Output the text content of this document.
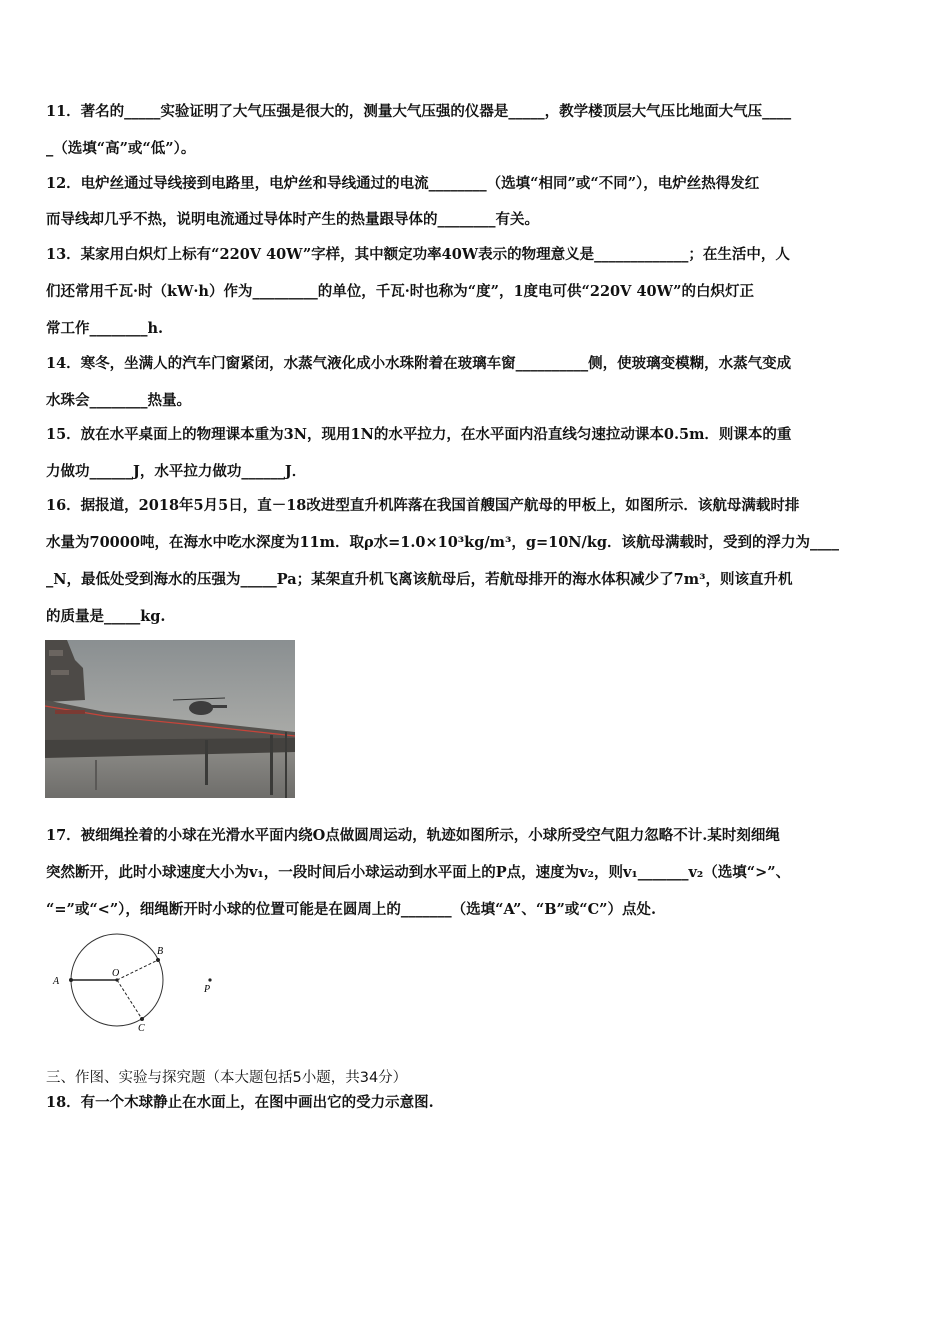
11．著名的_____实验证明了大气压强是很大的，测量大气压强的仪器是_____，教学楼顶层大气压比地面大气压____
_（选填“高”或“低”）。
12．电炉丝通过导线接到电路里，电炉丝和导线通过的电流________（选填“相同”或“不同”），电炉丝热得发红
而导线却几乎不热，说明电流通过导体时产生的热量跟导体的________有关。
13．某家用白炽灯上标有“220V 40W”字样，其中额定功率40W表示的物理意义是_____________；在生活中，人
们还常用千瓦·时（kW·h）作为_________的单位，千瓦·时也称为“度”，1度电可供“220V 40W”的白炽灯正
常工作________h.
14．寒冬，坐满人的汽车门窗紧闭，水蒸气液化成小水珠附着在玻璃车窗__________侧，使玻璃变模糊，水蒸气变成
水珠会________热量。
15．放在水平桌面上的物理课本重为3N，现用1N的水平拉力，在水平面内沿直线匀速拉动课本0.5m．则课本的重
力做功______J，水平拉力做功______J．
16．据报道，2018年5月5日，直－18改进型直升机阵落在我国首艘国产航母的甲板上，如图所示．该航母满载时排
水量为70000吨，在海水中吃水深度为11m．取ρ水=1.0×10³kg/m³，g=10N/kg．该航母满载时，受到的浮力为____
_N，最低处受到海水的压强为_____Pa；某架直升机飞离该航母后，若航母排开的海水体积减少了7m³，则该直升机
的质量是_____kg.
17．被细绳拴着的小球在光滑水平面内绕O点做圆周运动，轨迹如图所示，小球所受空气阻力忽略不计.某时刻细绳
突然断开，此时小球速度大小为v₁，一段时间后小球运动到水平面上的P点，速度为v₂，则v₁_______v₂（选填“>”、
“=”或“<”），细绳断开时小球的位置可能是在圆周上的_______（选填“A”、“B”或“C”）点处.
A
B
C
O
P
三、作图、实验与探究题（本大题包括5小题，共34分）
18．有一个木球静止在水面上，在图中画出它的受力示意图.
